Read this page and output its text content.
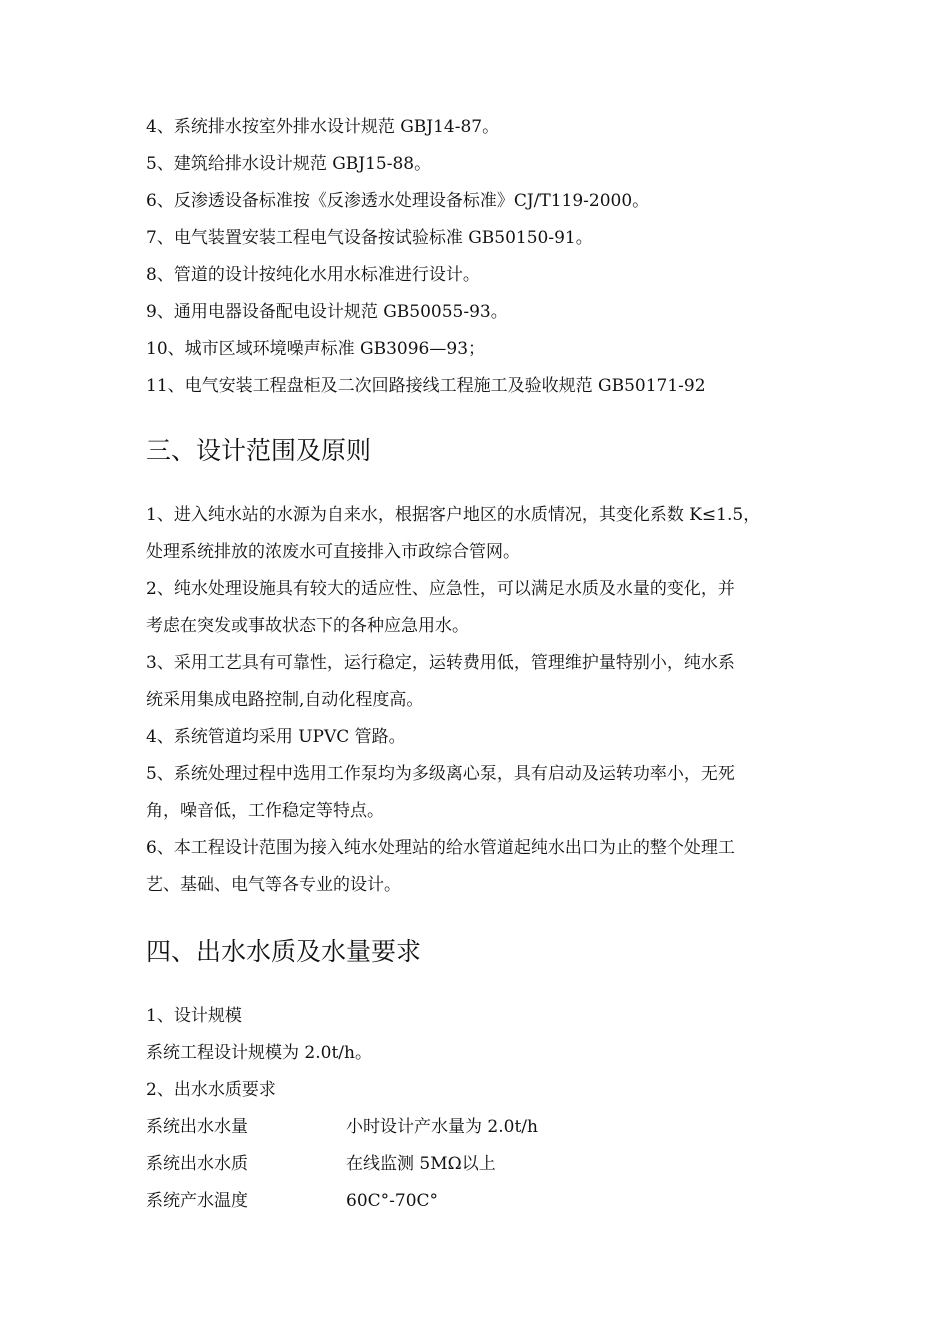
4、系统排水按室外排水设计规范 GBJ14-87。

5、建筑给排水设计规范 GBJ15-88。

6、反渗透设备标准按《反渗透水处理设备标准》CJ/T119-2000。

7、电气装置安装工程电气设备按试验标准 GB50150-91。

8、管道的设计按纯化水用水标准进行设计。

9、通用电器设备配电设计规范 GB50055-93。

10、城市区域环境噪声标准 GB3096—93；

11、电气安装工程盘柜及二次回路接线工程施工及验收规范 GB50171-92

三、设计范围及原则
1、进入纯水站的水源为自来水，根据客户地区的水质情况，其变化系数 K≤1.5，
处理系统排放的浓废水可直接排入市政综合管网。
2、纯水处理设施具有较大的适应性、应急性，可以满足水质及水量的变化，并
考虑在突发或事故状态下的各种应急用水。
3、采用工艺具有可靠性，运行稳定，运转费用低，管理维护量特别小，纯水系
统采用集成电路控制,自动化程度高。
4、系统管道均采用 UPVC 管路。
5、系统处理过程中选用工作泵均为多级离心泵，具有启动及运转功率小，无死
角，噪音低，工作稳定等特点。
6、本工程设计范围为接入纯水处理站的给水管道起纯水出口为止的整个处理工
艺、基础、电气等各专业的设计。
四、出水水质及水量要求

1、设计规模

系统工程设计规模为 2.0t/h。

2、出水水质要求

系统出水水量	小时设计产水量为 2.0t/h
系统出水水质	在线监测 5MΩ以上
系统产水温度	60C°-70C°
